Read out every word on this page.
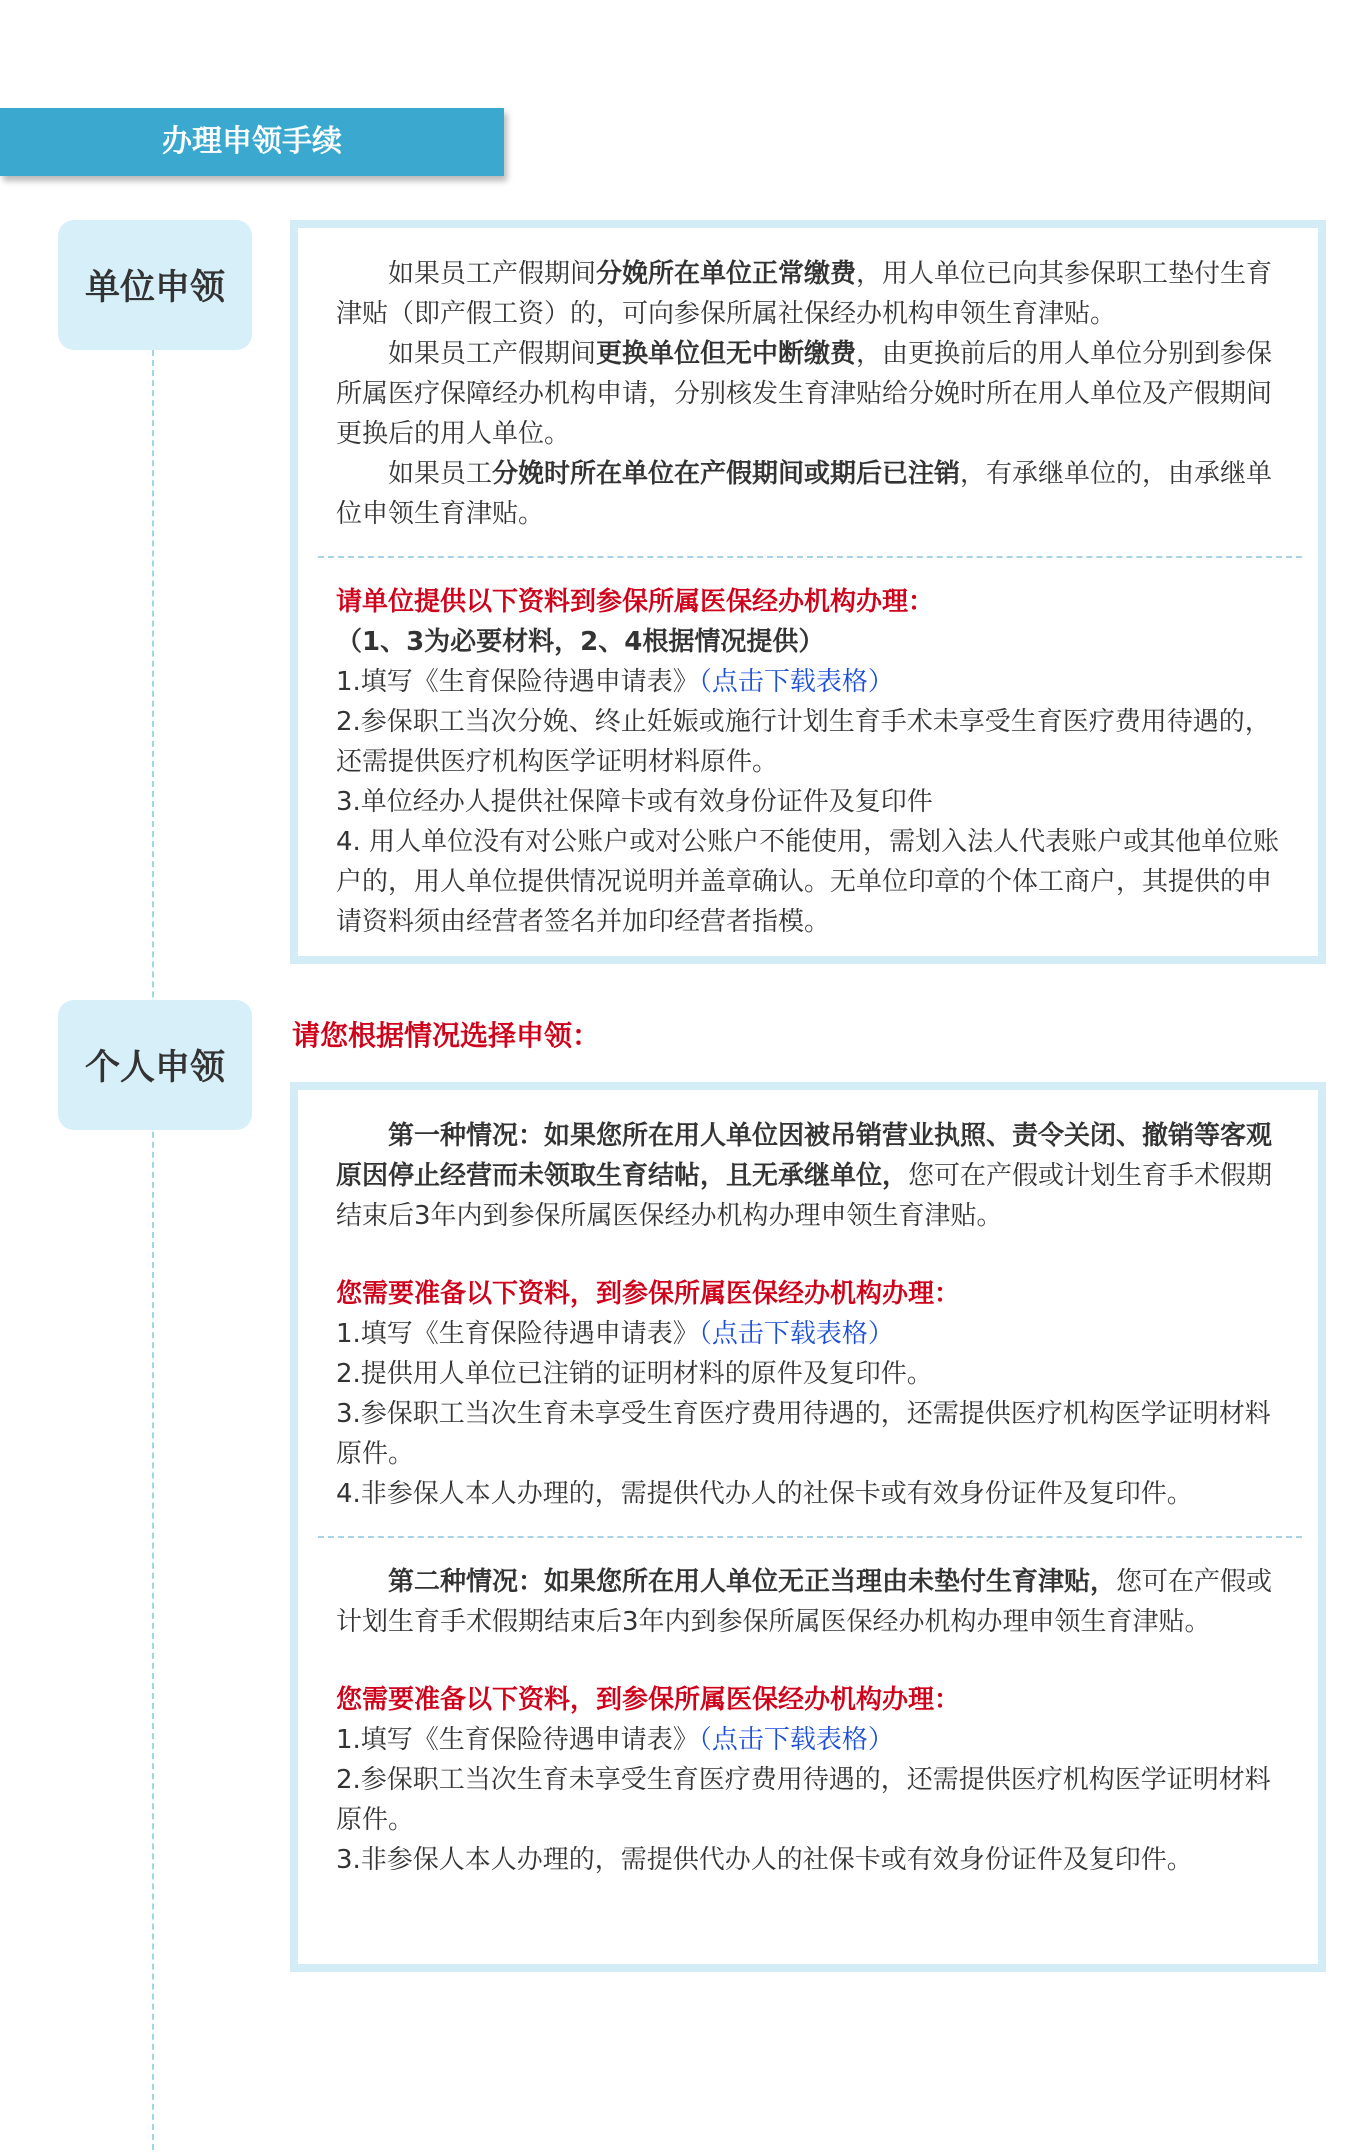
办理申领手续
单位申领	如果员工产假期间分娩所在单位正常缴费，用人单位已向其参保职工垫付生育津贴（即产假工资）的，可向参保所属社保经办机构申领生育津贴。

如果员工产假期间更换单位但无中断缴费，由更换前后的用人单位分别到参保所属医疗保障经办机构申请，分别核发生育津贴给分娩时所在用人单位及产假期间更换后的用人单位。

如果员工分娩时所在单位在产假期间或期后已注销，有承继单位的，由承继单位申领生育津贴。

请单位提供以下资料到参保所属医保经办机构办理：

（1、3为必要材料，2、4根据情况提供）

1.填写《生育保险待遇申请表》（点击下载表格）

2.参保职工当次分娩、终止妊娠或施行计划生育手术未享受生育医疗费用待遇的，还需提供医疗机构医学证明材料原件。

3.单位经办人提供社保障卡或有效身份证件及复印件

4. 用人单位没有对公账户或对公账户不能使用，需划入法人代表账户或其他单位账户的，用人单位提供情况说明并盖章确认。无单位印章的个体工商户，其提供的申请资料须由经营者签名并加印经营者指模。

个人申领
请您根据情况选择申领：

第一种情况：如果您所在用人单位因被吊销营业执照、责令关闭、撤销等客观原因停止经营而未领取生育结帖，且无承继单位，您可在产假或计划生育手术假期结束后3年内到参保所属医保经办机构办理申领生育津贴。

您需要准备以下资料，到参保所属医保经办机构办理：

1.填写《生育保险待遇申请表》（点击下载表格）

2.提供用人单位已注销的证明材料的原件及复印件。

3.参保职工当次生育未享受生育医疗费用待遇的，还需提供医疗机构医学证明材料原件。

4.非参保人本人办理的，需提供代办人的社保卡或有效身份证件及复印件。

第二种情况：如果您所在用人单位无正当理由未垫付生育津贴，您可在产假或计划生育手术假期结束后3年内到参保所属医保经办机构办理申领生育津贴。

您需要准备以下资料，到参保所属医保经办机构办理：

1.填写《生育保险待遇申请表》（点击下载表格）

2.参保职工当次生育未享受生育医疗费用待遇的，还需提供医疗机构医学证明材料原件。

3.非参保人本人办理的，需提供代办人的社保卡或有效身份证件及复印件。
